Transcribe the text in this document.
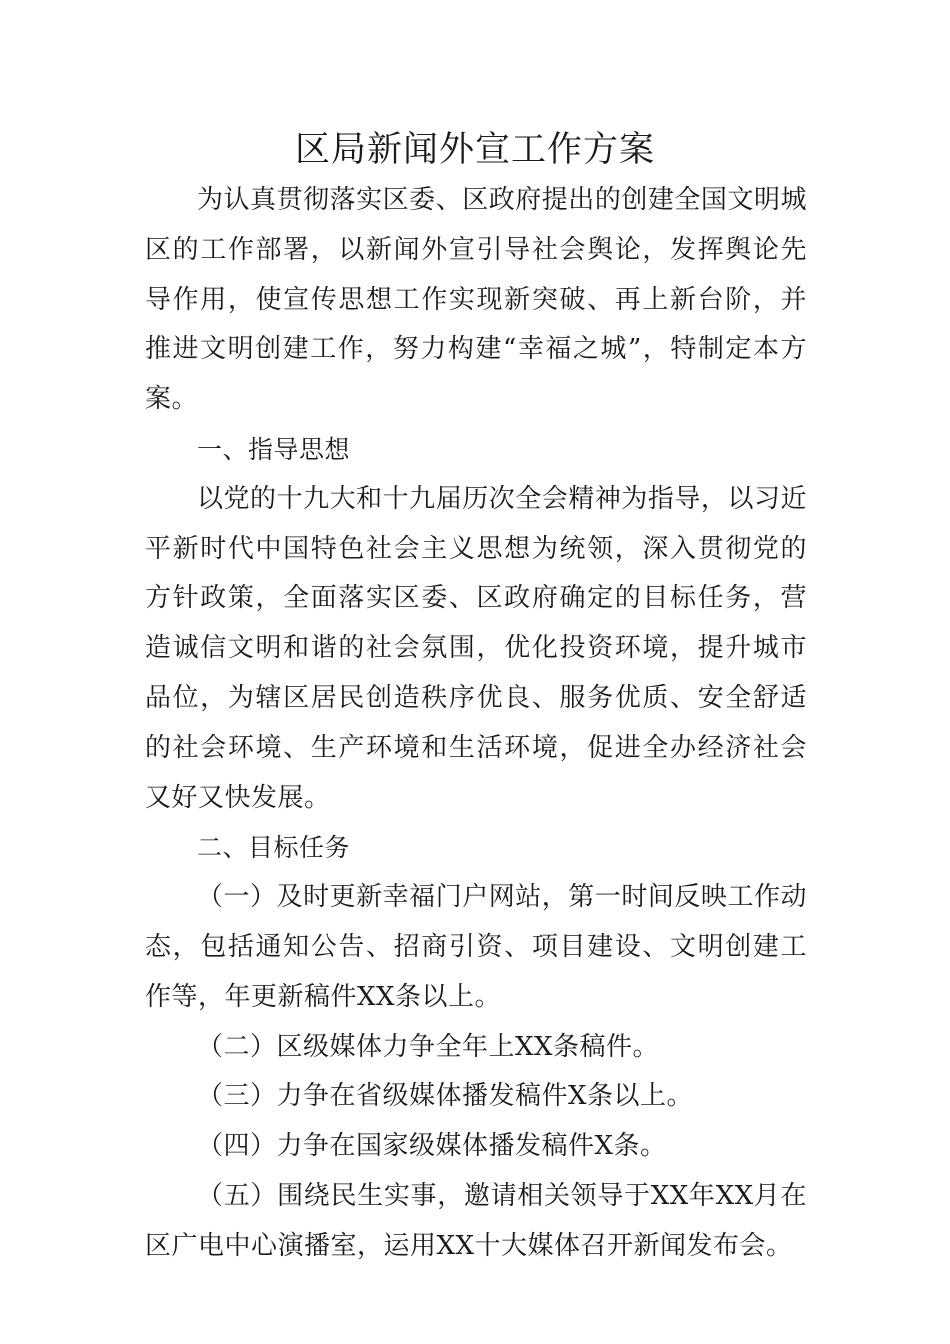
区局新闻外宣工作方案

为认真贯彻落实区委、区政府提出的创建全国文明城区的工作部署，以新闻外宣引导社会舆论，发挥舆论先导作用，使宣传思想工作实现新突破、再上新台阶，并推进文明创建工作，努力构建“幸福之城”，特制定本方案。

一、指导思想

以党的十九大和十九届历次全会精神为指导，以习近平新时代中国特色社会主义思想为统领，深入贯彻党的方针政策，全面落实区委、区政府确定的目标任务，营造诚信文明和谐的社会氛围，优化投资环境，提升城市品位，为辖区居民创造秩序优良、服务优质、安全舒适的社会环境、生产环境和生活环境，促进全办经济社会又好又快发展。

二、目标任务

（一）及时更新幸福门户网站，第一时间反映工作动态，包括通知公告、招商引资、项目建设、文明创建工作等，年更新稿件XX条以上。

（二）区级媒体力争全年上XX条稿件。

（三）力争在省级媒体播发稿件X条以上。

（四）力争在国家级媒体播发稿件X条。

（五）围绕民生实事，邀请相关领导于XX年XX月在区广电中心演播室，运用XX十大媒体召开新闻发布会。
